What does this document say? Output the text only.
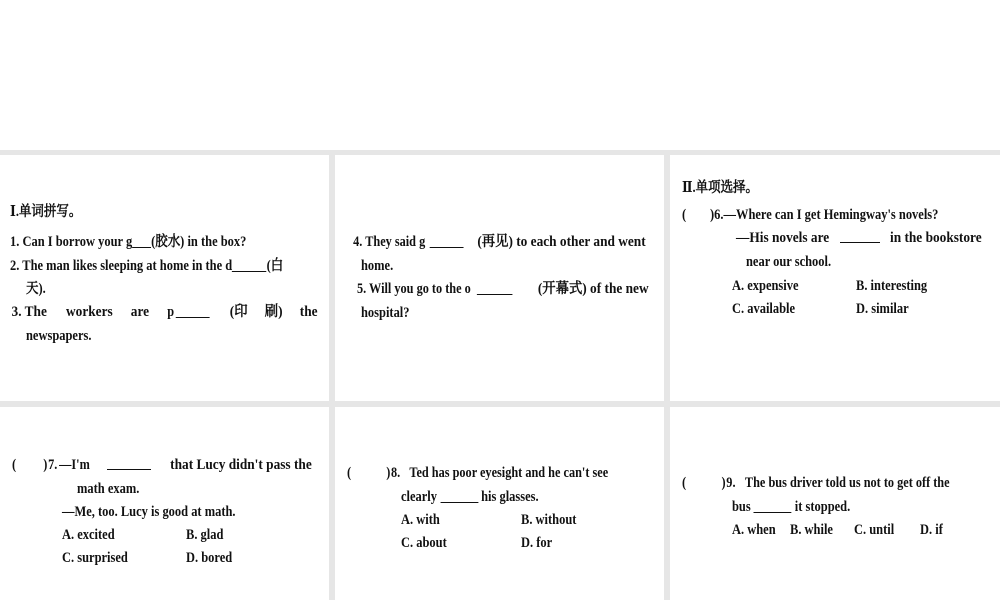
Ⅰ.单词拼写。
1. Can I borrow your g (胶水) in the box?
2. The man likes sleeping at home in the d (白
天).
3. The workers are p	(印 刷) the
newspapers.
4. They said g	(再见) to each other and went
home.
5. Will you go to the o	(开幕式) of the new
hospital?
Ⅱ.单项选择。
( )6.—Where can I get Hemingway's novels?
—His novels are	in the bookstore
near our school.
A. expensive	B. interesting
C. available	D. similar
( )7. —I'm	that Lucy didn't pass the
math exam.
—Me, too. Lucy is good at math.
A. excited	B. glad
C. surprised	D. bored
( )8. Ted has poor eyesight and he can't see
clearly	his glasses.
A. with	B. without
C. about	D. for
( )9. The bus driver told us not to get off the
bus	it stopped.
A. when B. while C. until D. if
